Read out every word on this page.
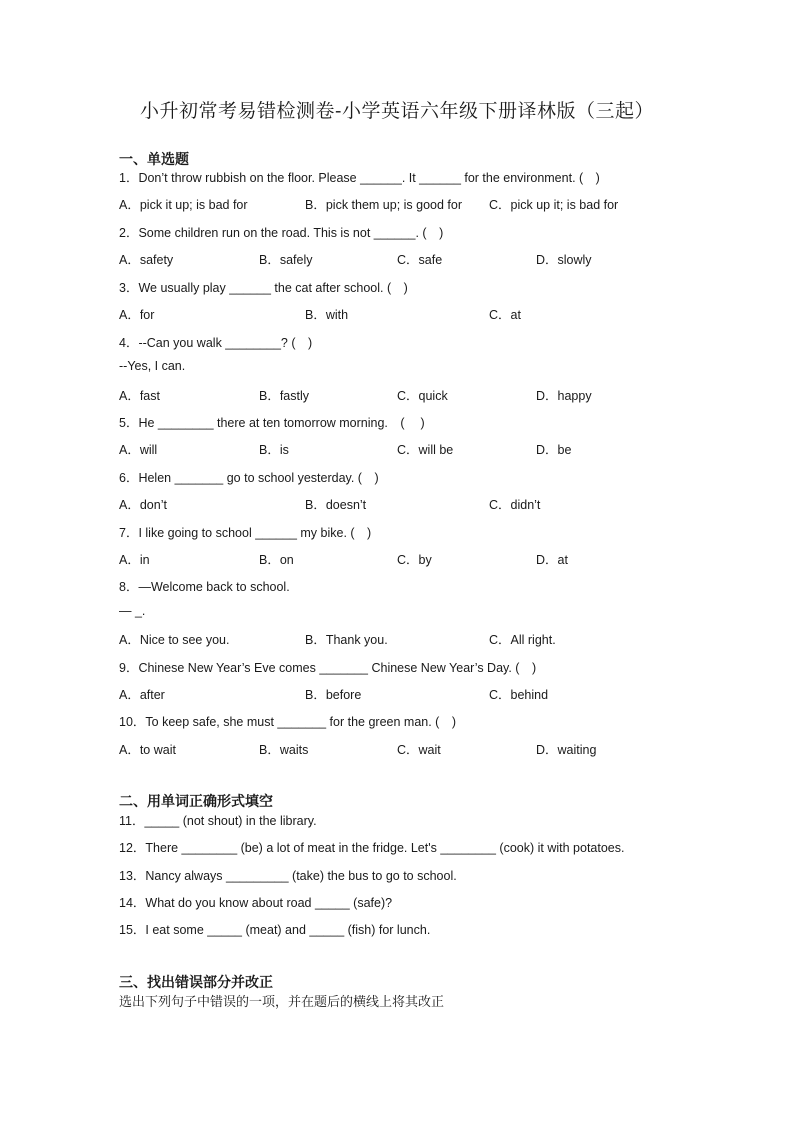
小升初常考易错检测卷-小学英语六年级下册译林版（三起）
一、单选题
1．Don’t throw rubbish on the floor. Please ______. It ______ for the environment. (　)
A．pick it up; is bad for	B．pick them up; is good for C．pick up it; is bad for
2．Some children run on the road. This is not ______. (　)
A．safety	B．safely	C．safe	D．slowly
3．We usually play ______ the cat after school. (　)
A．for	B．with	C．at
4．--Can you walk ________? (　)
--Yes, I can.
A．fast	B．fastly	C．quick	D．happy
5．He ________ there at ten tomorrow morning.　(　 )
A．will	B．is	C．will be	D．be
6．Helen _______ go to school yesterday. (　)
A．don’t	B．doesn’t	C．didn’t
7．I like going to school ______ my bike. (　)
A．in	B．on	C．by	D．at
8．—Welcome back to school.
— _.
A．Nice to see you.	B．Thank you.	C．All right.
9．Chinese New Year’s Eve comes _______ Chinese New Year’s Day. (　)
A．after	B．before	C．behind
10．To keep safe, she must _______ for the green man. (　)
A．to wait	B．waits	C．wait	D．waiting
二、用单词正确形式填空
11．_____ (not shout) in the library.
12．There ________ (be) a lot of meat in the fridge. Let's ________ (cook) it with potatoes.
13．Nancy always _________ (take) the bus to go to school.
14．What do you know about road _____ (safe)?
15．I eat some _____ (meat) and _____ (fish) for lunch.
三、找出错误部分并改正
选出下列句子中错误的一项，并在题后的横线上将其改正
